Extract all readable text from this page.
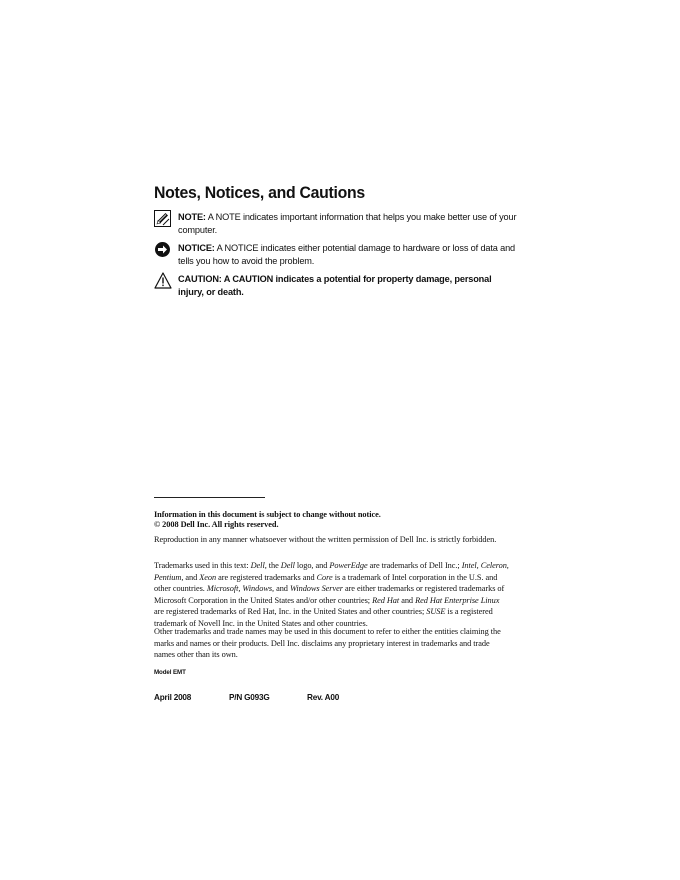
Notes, Notices, and Cautions
NOTE: A NOTE indicates important information that helps you make better use of your computer.
NOTICE: A NOTICE indicates either potential damage to hardware or loss of data and tells you how to avoid the problem.
CAUTION: A CAUTION indicates a potential for property damage, personal injury, or death.
Information in this document is subject to change without notice.
© 2008 Dell Inc. All rights reserved.
Reproduction in any manner whatsoever without the written permission of Dell Inc. is strictly forbidden.
Trademarks used in this text: Dell, the Dell logo, and PowerEdge are trademarks of Dell Inc.; Intel, Celeron, Pentium, and Xeon are registered trademarks and Core is a trademark of Intel corporation in the U.S. and other countries. Microsoft, Windows, and Windows Server are either trademarks or registered trademarks of Microsoft Corporation in the United States and/or other countries; Red Hat and Red Hat Enterprise Linux are registered trademarks of Red Hat, Inc. in the United States and other countries; SUSE is a registered trademark of Novell Inc. in the United States and other countries.
Other trademarks and trade names may be used in this document to refer to either the entities claiming the marks and names or their products. Dell Inc. disclaims any proprietary interest in trademarks and trade names other than its own.
Model EMT
April 2008	P/N G093G	Rev. A00
